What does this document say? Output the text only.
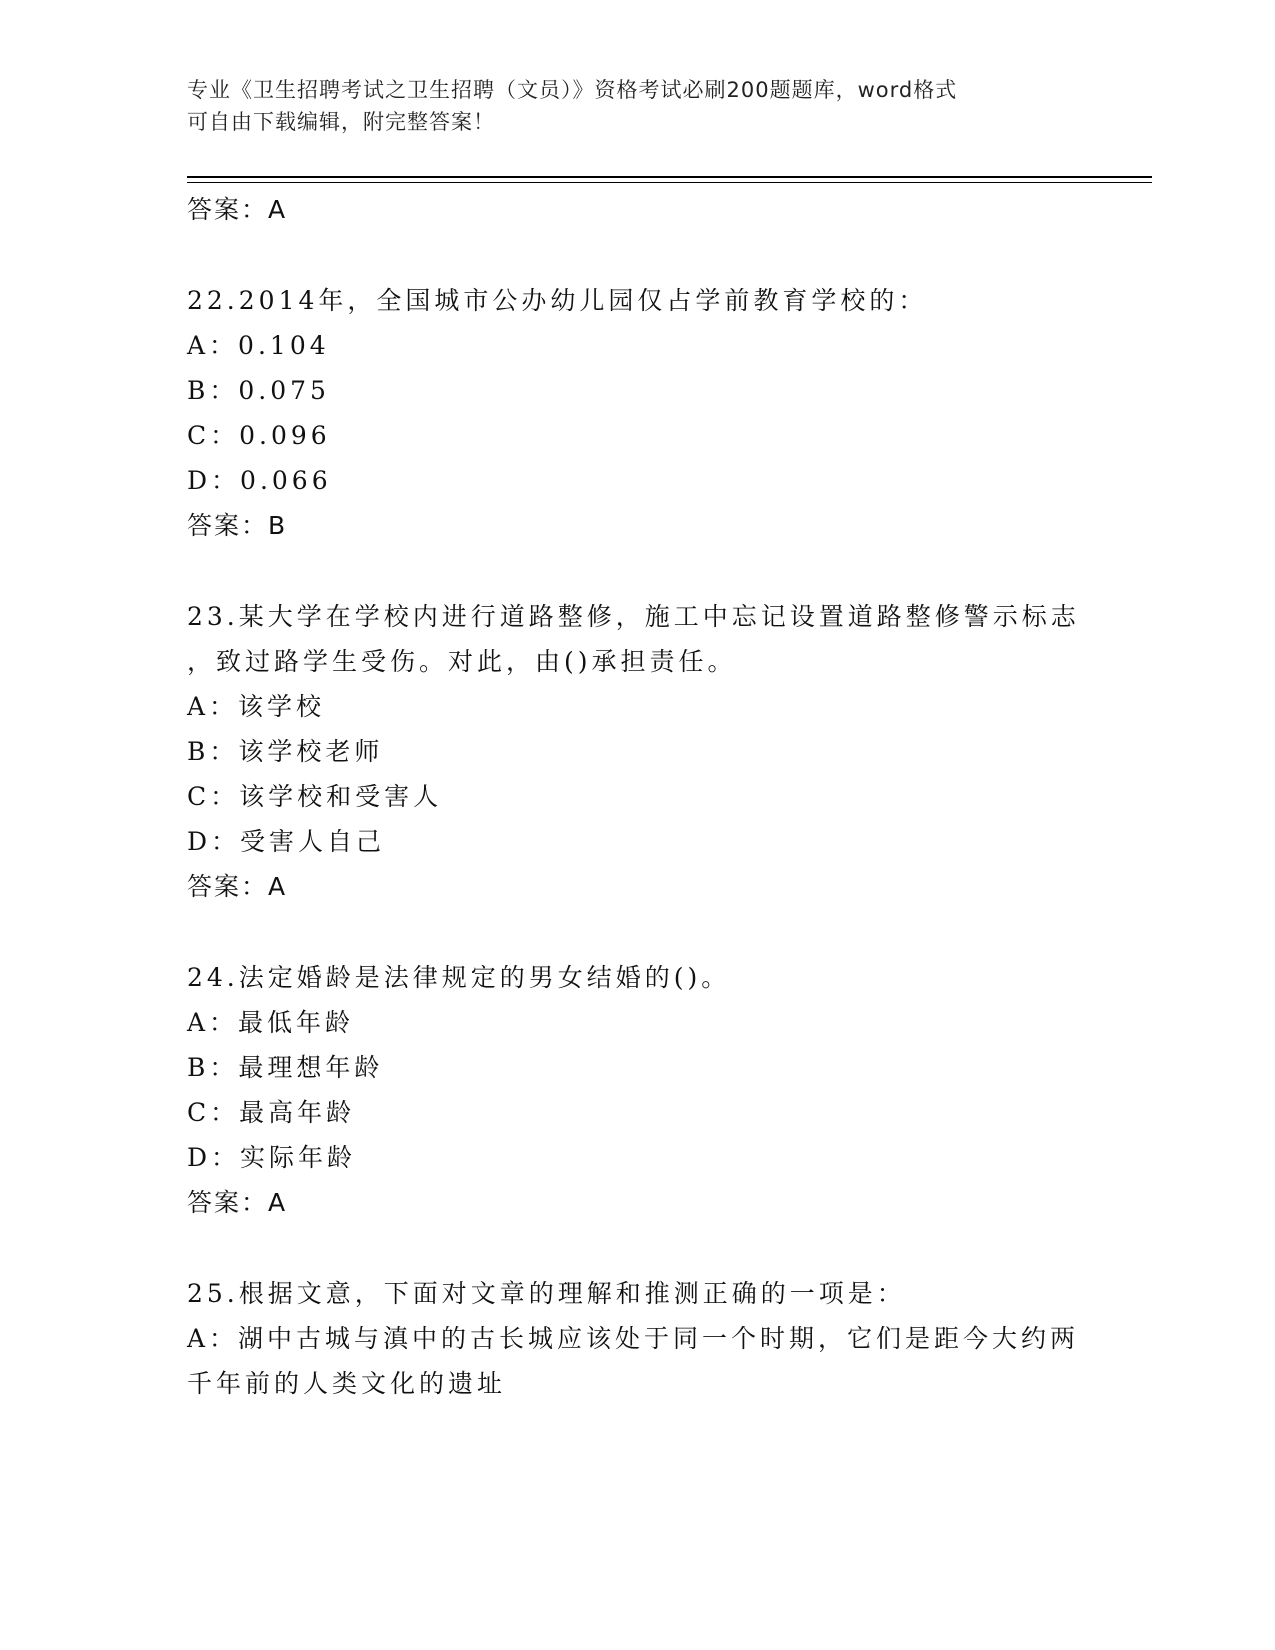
专业《卫生招聘考试之卫生招聘（文员）》资格考试必刷200题题库，word格式
可自由下载编辑，附完整答案！
答案：A
22.2014年，全国城市公办幼儿园仅占学前教育学校的：
A：0.104
B：0.075
C：0.096
D：0.066
答案：B
23.某大学在学校内进行道路整修，施工中忘记设置道路整修警示标志
，致过路学生受伤。对此，由()承担责任。
A：该学校
B：该学校老师
C：该学校和受害人
D：受害人自己
答案：A
24.法定婚龄是法律规定的男女结婚的()。
A：最低年龄
B：最理想年龄
C：最高年龄
D：实际年龄
答案：A
25.根据文意，下面对文章的理解和推测正确的一项是：
A：湖中古城与滇中的古长城应该处于同一个时期，它们是距今大约两
千年前的人类文化的遗址
